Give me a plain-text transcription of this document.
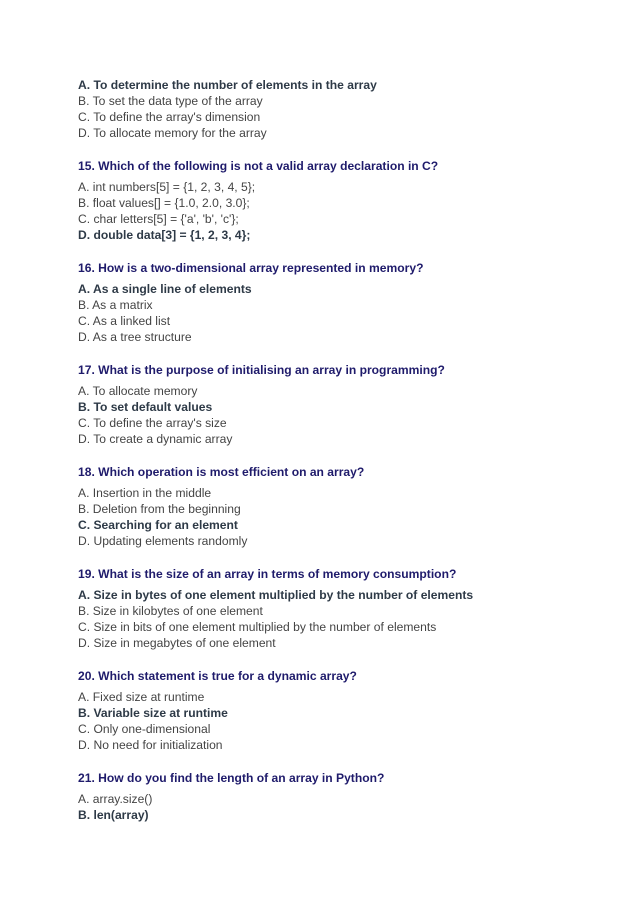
A. To determine the number of elements in the array
B. To set the data type of the array
C. To define the array's dimension
D. To allocate memory for the array
15. Which of the following is not a valid array declaration in C?
A. int numbers[5] = {1, 2, 3, 4, 5};
B. float values[] = {1.0, 2.0, 3.0};
C. char letters[5] = {'a', 'b', 'c'};
D. double data[3] = {1, 2, 3, 4};
16. How is a two-dimensional array represented in memory?
A. As a single line of elements
B. As a matrix
C. As a linked list
D. As a tree structure
17. What is the purpose of initialising an array in programming?
A. To allocate memory
B. To set default values
C. To define the array's size
D. To create a dynamic array
18. Which operation is most efficient on an array?
A. Insertion in the middle
B. Deletion from the beginning
C. Searching for an element
D. Updating elements randomly
19. What is the size of an array in terms of memory consumption?
A. Size in bytes of one element multiplied by the number of elements
B. Size in kilobytes of one element
C. Size in bits of one element multiplied by the number of elements
D. Size in megabytes of one element
20. Which statement is true for a dynamic array?
A. Fixed size at runtime
B. Variable size at runtime
C. Only one-dimensional
D. No need for initialization
21. How do you find the length of an array in Python?
A. array.size()
B. len(array)
